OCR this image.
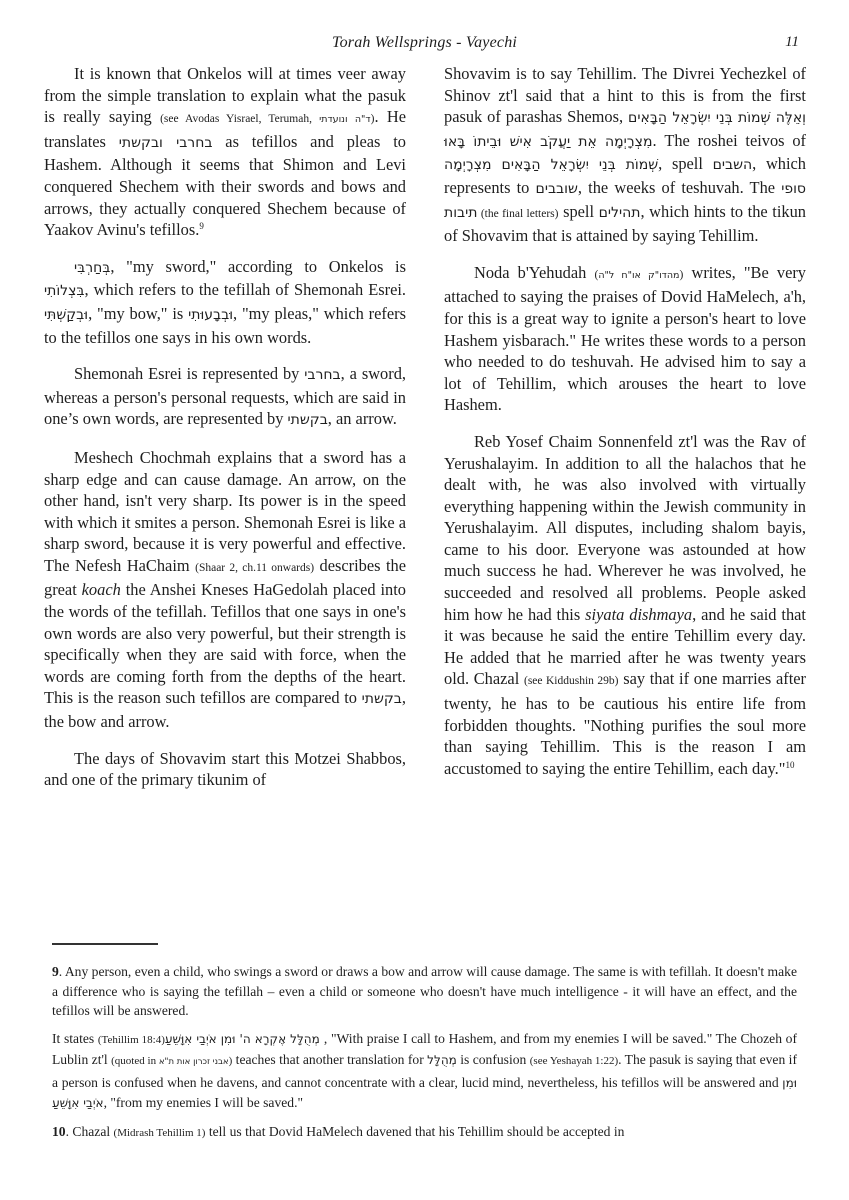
Torah Wellsprings - Vayechi	11

It is known that Onkelos will at times veer away from the simple translation to explain what the pasuk is really saying (see Avodas Yisrael, Terumah, ד"ה ונועדתי). He translates בחרבי ובקשתי as tefillos and pleas to Hashem. Although it seems that Shimon and Levi conquered Shechem with their swords and bows and arrows, they actually conquered Shechem because of Yaakov Avinu's tefillos.$^9$

בְּחַרְבִּי, "my sword," according to Onkelos is בִּצְלוֹתִי, which refers to the tefillah of Shemonah Esrei. וּבְקַשְׁתִּי, "my bow," is וּבְבָעוּתִי, "my pleas," which refers to the tefillos one says in his own words.

Shemonah Esrei is represented by בחרבי, a sword, whereas a person's personal requests, which are said in one’s own words, are represented by בקשתי, an arrow.

Meshech Chochmah explains that a sword has a sharp edge and can cause damage. An arrow, on the other hand, isn't very sharp. Its power is in the speed with which it smites a person. Shemonah Esrei is like a sharp sword, because it is very powerful and effective. The Nefesh HaChaim (Shaar 2, ch.11 onwards) describes the great koach the Anshei Kneses HaGedolah placed into the words of the tefillah. Tefillos that one says in one's own words are also very powerful, but their strength is specifically when they are said with force, when the words are coming forth from the depths of the heart. This is the reason such tefillos are compared to בקשתי, the bow and arrow.

The days of Shovavim start this Motzei Shabbos, and one of the primary tikunim of

Shovavim is to say Tehillim. The Divrei Yechezkel of Shinov zt'l said that a hint to this is from the first pasuk of parashas Shemos, וְאֵלֶּה שְׁמוֹת בְּנֵי יִשְׂרָאֵל הַבָּאִים מִצְרָיְמָה אֵת יַעֲקֹב אִישׁ וּבֵיתוֹ בָּאוּ. The roshei teivos of שְׁמוֹת בְּנֵי יִשְׂרָאֵל הַבָּאִים מִצְרָיְמָה, spell השבים, which represents to שובבים, the weeks of teshuvah. The סופי תיבות (the final letters) spell תהילים, which hints to the tikun of Shovavim that is attained by saying Tehillim.

Noda b'Yehudah (מהדו"ק או"ח ל"ה) writes, "Be very attached to saying the praises of Dovid HaMelech, a'h, for this is a great way to ignite a person's heart to love Hashem yisbarach." He writes these words to a person who needed to do teshuvah. He advised him to say a lot of Tehillim, which arouses the heart to love Hashem.

Reb Yosef Chaim Sonnenfeld zt'l was the Rav of Yerushalayim. In addition to all the halachos that he dealt with, he was also involved with virtually everything happening within the Jewish community in Yerushalayim. All disputes, including shalom bayis, came to his door. Everyone was astounded at how much success he had. Wherever he was involved, he succeeded and resolved all problems. People asked him how he had this siyata dishmaya, and he said that it was because he said the entire Tehillim every day. He added that he married after he was twenty years old. Chazal (see Kiddushin 29b) say that if one marries after twenty, he has to be cautious his entire life from forbidden thoughts. "Nothing purifies the soul more than saying Tehillim. This is the reason I am accustomed to saying the entire Tehillim, each day."$^{10}$

9. Any person, even a child, who swings a sword or draws a bow and arrow will cause damage. The same is with tefillah. It doesn't make a difference who is saying the tefillah – even a child or someone who doesn't have much intelligence - it will have an effect, and the tefillos will be answered.

It states (Tehillim 18:4) מְהֻלָּל אֶקְרָא ה' וּמִן אֹיְבַי אִוָּשֵׁעַ, "With praise I call to Hashem, and from my enemies I will be saved." The Chozeh of Lublin zt'l (quoted in אבני זכרון אות ת"א) teaches that another translation for מְהֻלָּל is confusion (see Yeshayah 1:22). The pasuk is saying that even if a person is confused when he davens, and cannot concentrate with a clear, lucid mind, nevertheless, his tefillos will be answered and וּמִן אֹיְבַי אִוָּשֵׁעַ, "from my enemies I will be saved."

10. Chazal (Midrash Tehillim 1) tell us that Dovid HaMelech davened that his Tehillim should be accepted in
